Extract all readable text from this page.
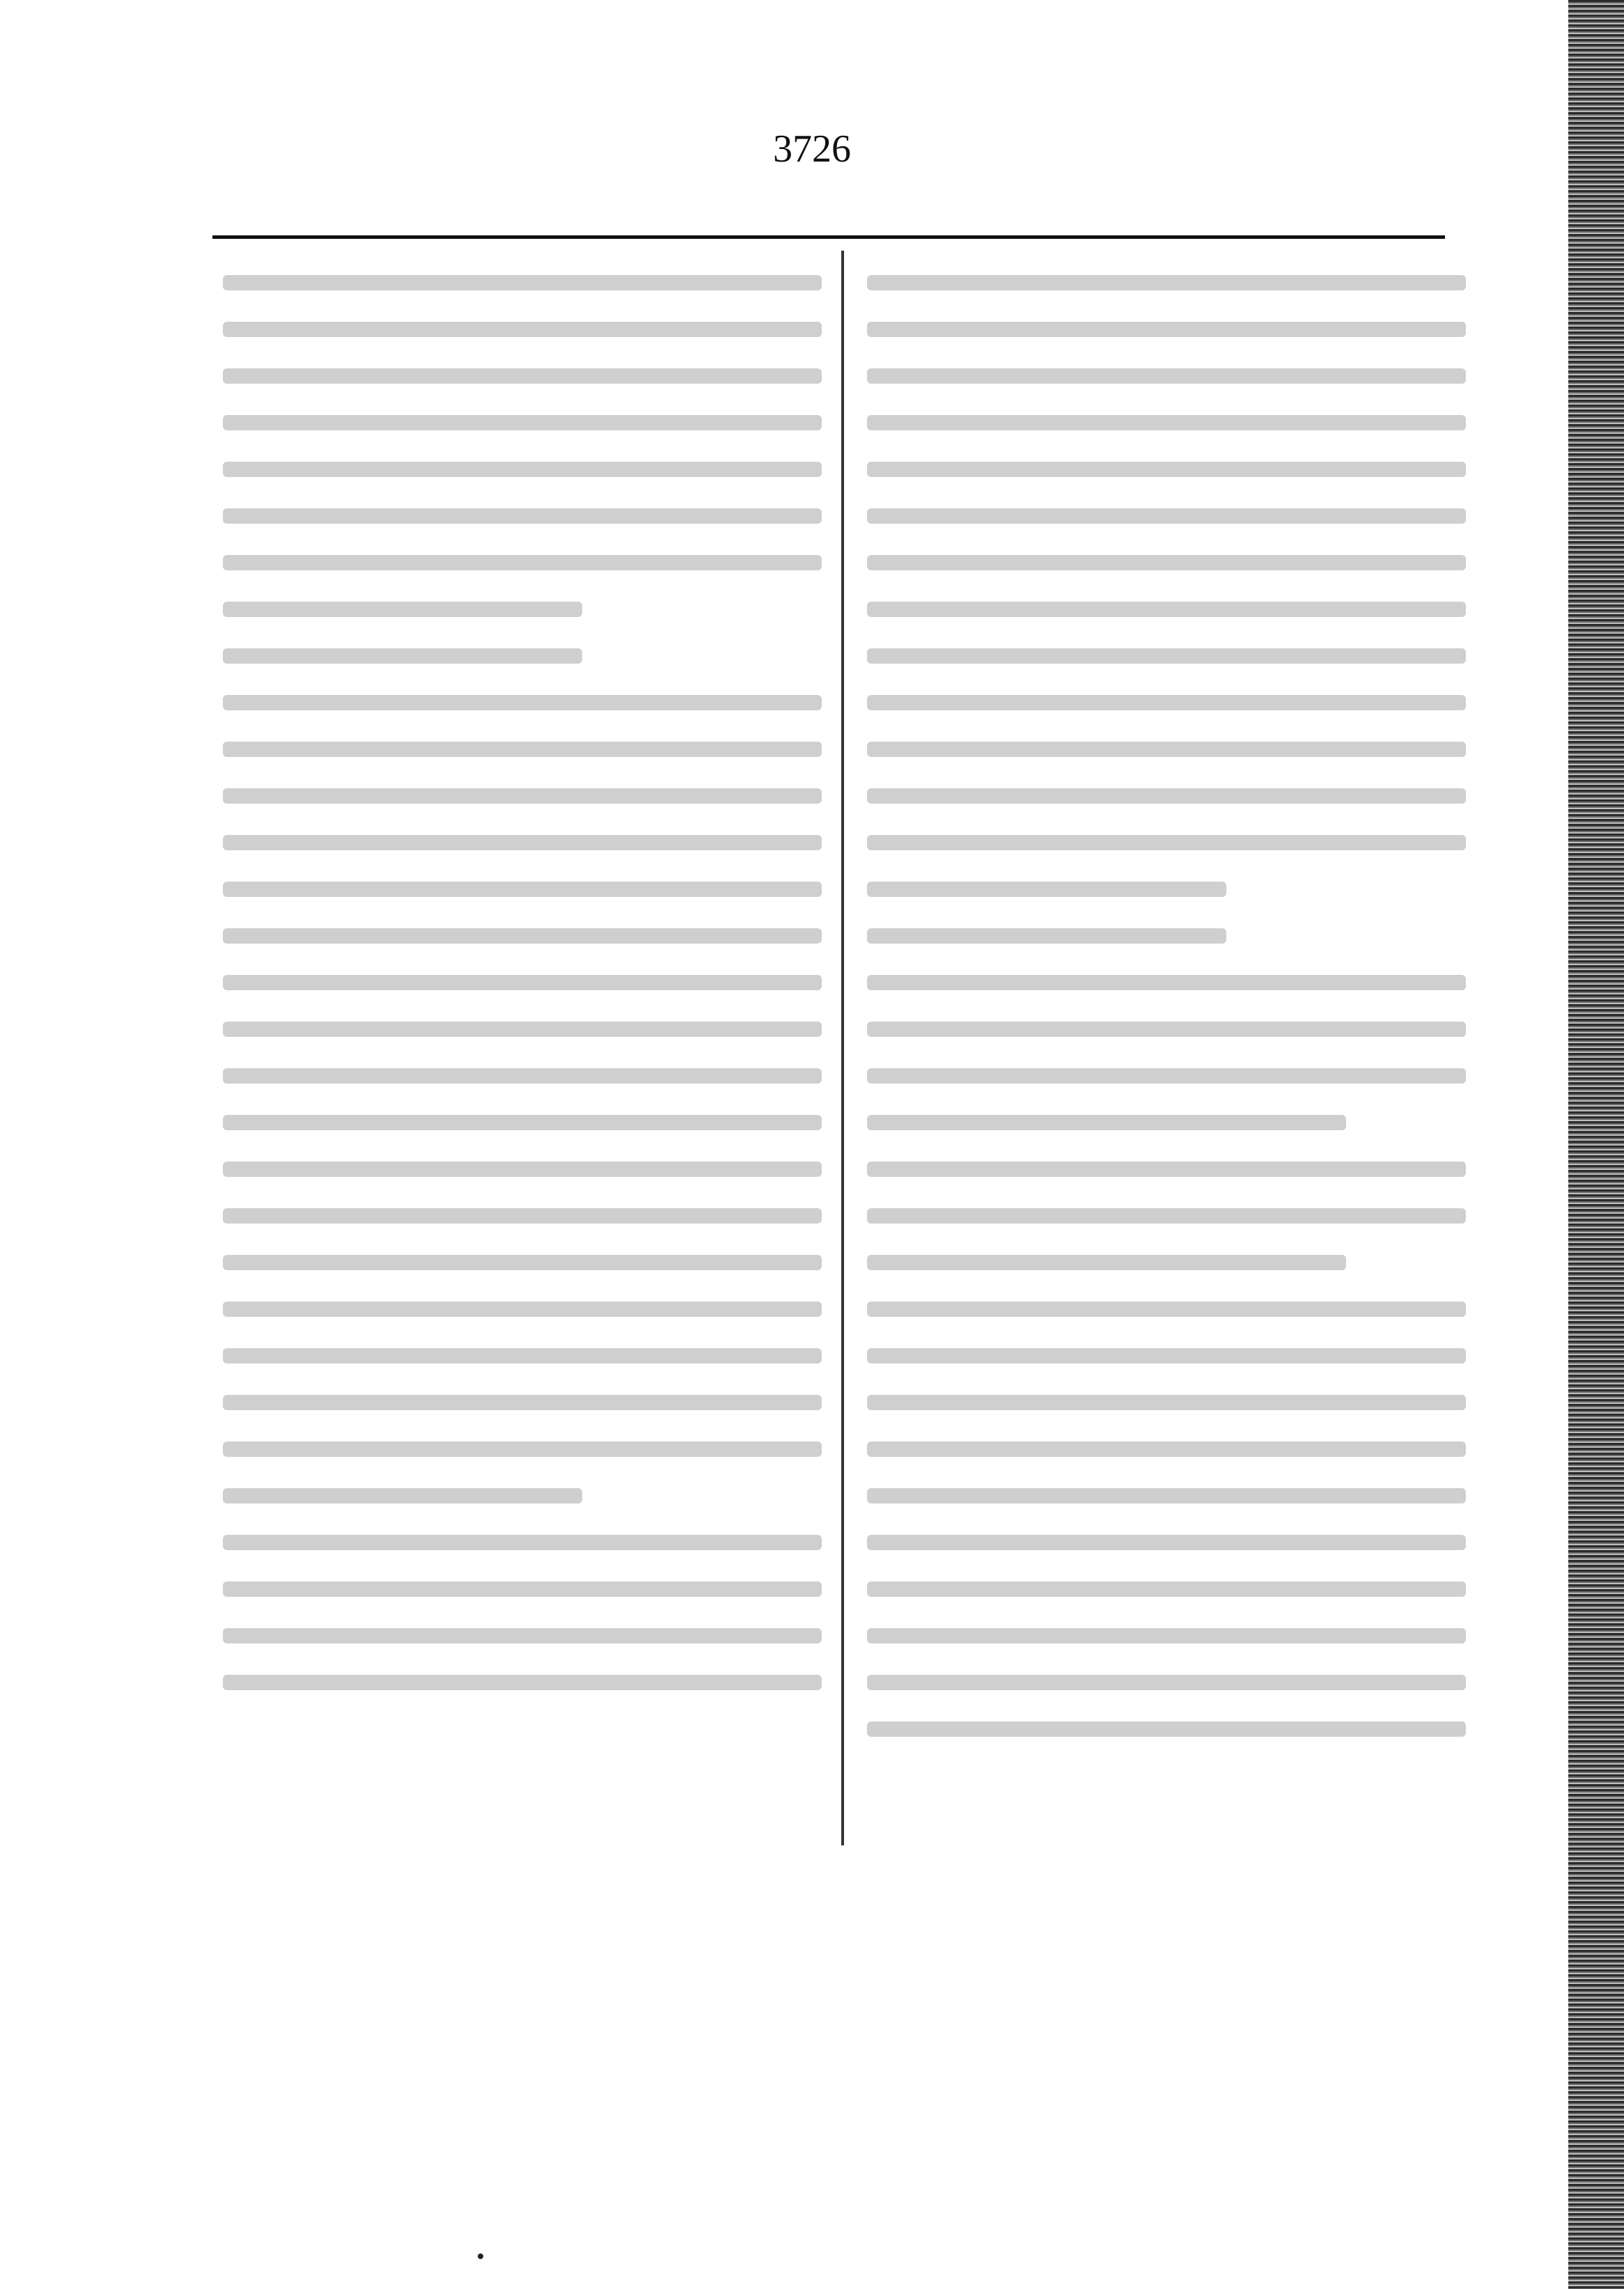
3726
